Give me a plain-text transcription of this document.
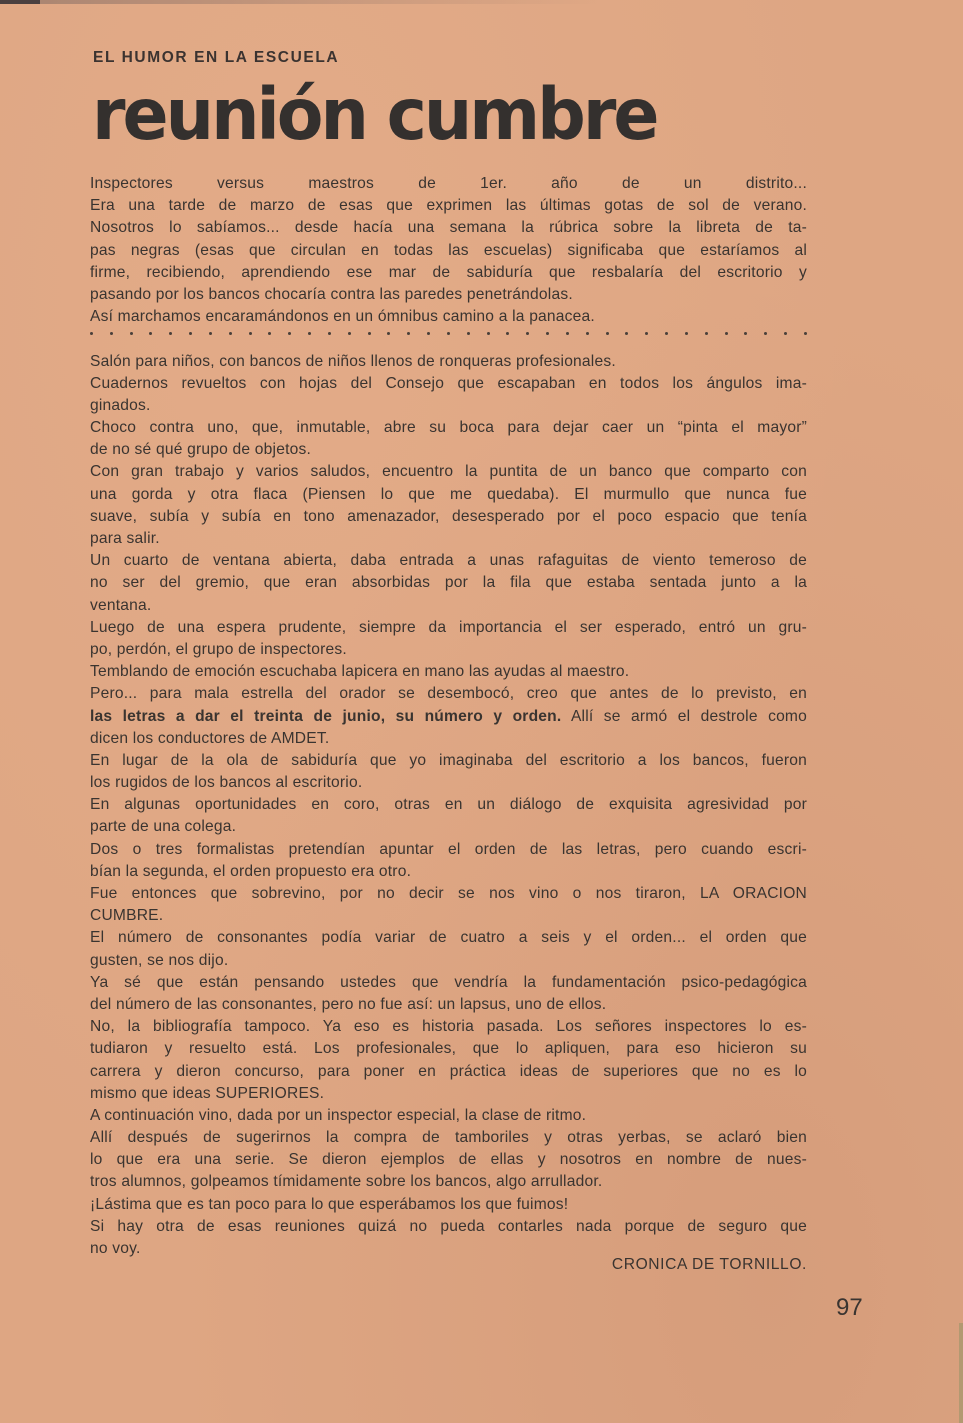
EL HUMOR EN LA ESCUELA
reunión cumbre
Inspectores versus maestros de 1er. año de un distrito...
Era una tarde de marzo de esas que exprimen las últimas gotas de sol de verano.
Nosotros lo sabíamos... desde hacía una semana la rúbrica sobre la libreta de ta-
pas negras (esas que circulan en todas las escuelas) significaba que estaríamos al
firme, recibiendo, aprendiendo ese mar de sabiduría que resbalaría del escritorio y
pasando por los bancos chocaría contra las paredes penetrándolas.
Así marchamos encaramándonos en un ómnibus camino a la panacea.
Salón para niños, con bancos de niños llenos de ronqueras profesionales.
Cuadernos revueltos con hojas del Consejo que escapaban en todos los ángulos ima-
ginados.
Choco contra uno, que, inmutable, abre su boca para dejar caer un “pinta el mayor”
de no sé qué grupo de objetos.
Con gran trabajo y varios saludos, encuentro la puntita de un banco que comparto con
una gorda y otra flaca (Piensen lo que me quedaba). El murmullo que nunca fue
suave, subía y subía en tono amenazador, desesperado por el poco espacio que tenía
para salir.
Un cuarto de ventana abierta, daba entrada a unas rafaguitas de viento temeroso de
no ser del gremio, que eran absorbidas por la fila que estaba sentada junto a la
ventana.
Luego de una espera prudente, siempre da importancia el ser esperado, entró un gru-
po, perdón, el grupo de inspectores.
Temblando de emoción escuchaba lapicera en mano las ayudas al maestro.
Pero... para mala estrella del orador se desembocó, creo que antes de lo previsto, en
las letras a dar el treinta de junio, su número y orden. Allí se armó el destrole como
dicen los conductores de AMDET.
En lugar de la ola de sabiduría que yo imaginaba del escritorio a los bancos, fueron
los rugidos de los bancos al escritorio.
En algunas oportunidades en coro, otras en un diálogo de exquisita agresividad por
parte de una colega.
Dos o tres formalistas pretendían apuntar el orden de las letras, pero cuando escri-
bían la segunda, el orden propuesto era otro.
Fue entonces que sobrevino, por no decir se nos vino o nos tiraron, LA ORACION
CUMBRE.
El número de consonantes podía variar de cuatro a seis y el orden... el orden que
gusten, se nos dijo.
Ya sé que están pensando ustedes que vendría la fundamentación psico-pedagógica
del número de las consonantes, pero no fue así: un lapsus, uno de ellos.
No, la bibliografía tampoco. Ya eso es historia pasada. Los señores inspectores lo es-
tudiaron y resuelto está. Los profesionales, que lo apliquen, para eso hicieron su
carrera y dieron concurso, para poner en práctica ideas de superiores que no es lo
mismo que ideas SUPERIORES.
A continuación vino, dada por un inspector especial, la clase de ritmo.
Allí después de sugerirnos la compra de tamboriles y otras yerbas, se aclaró bien
lo que era una serie. Se dieron ejemplos de ellas y nosotros en nombre de nues-
tros alumnos, golpeamos tímidamente sobre los bancos, algo arrullador.
¡Lástima que es tan poco para lo que esperábamos los que fuimos!
Si hay otra de esas reuniones quizá no pueda contarles nada porque de seguro que
no voy.
CRONICA DE TORNILLO.
97
